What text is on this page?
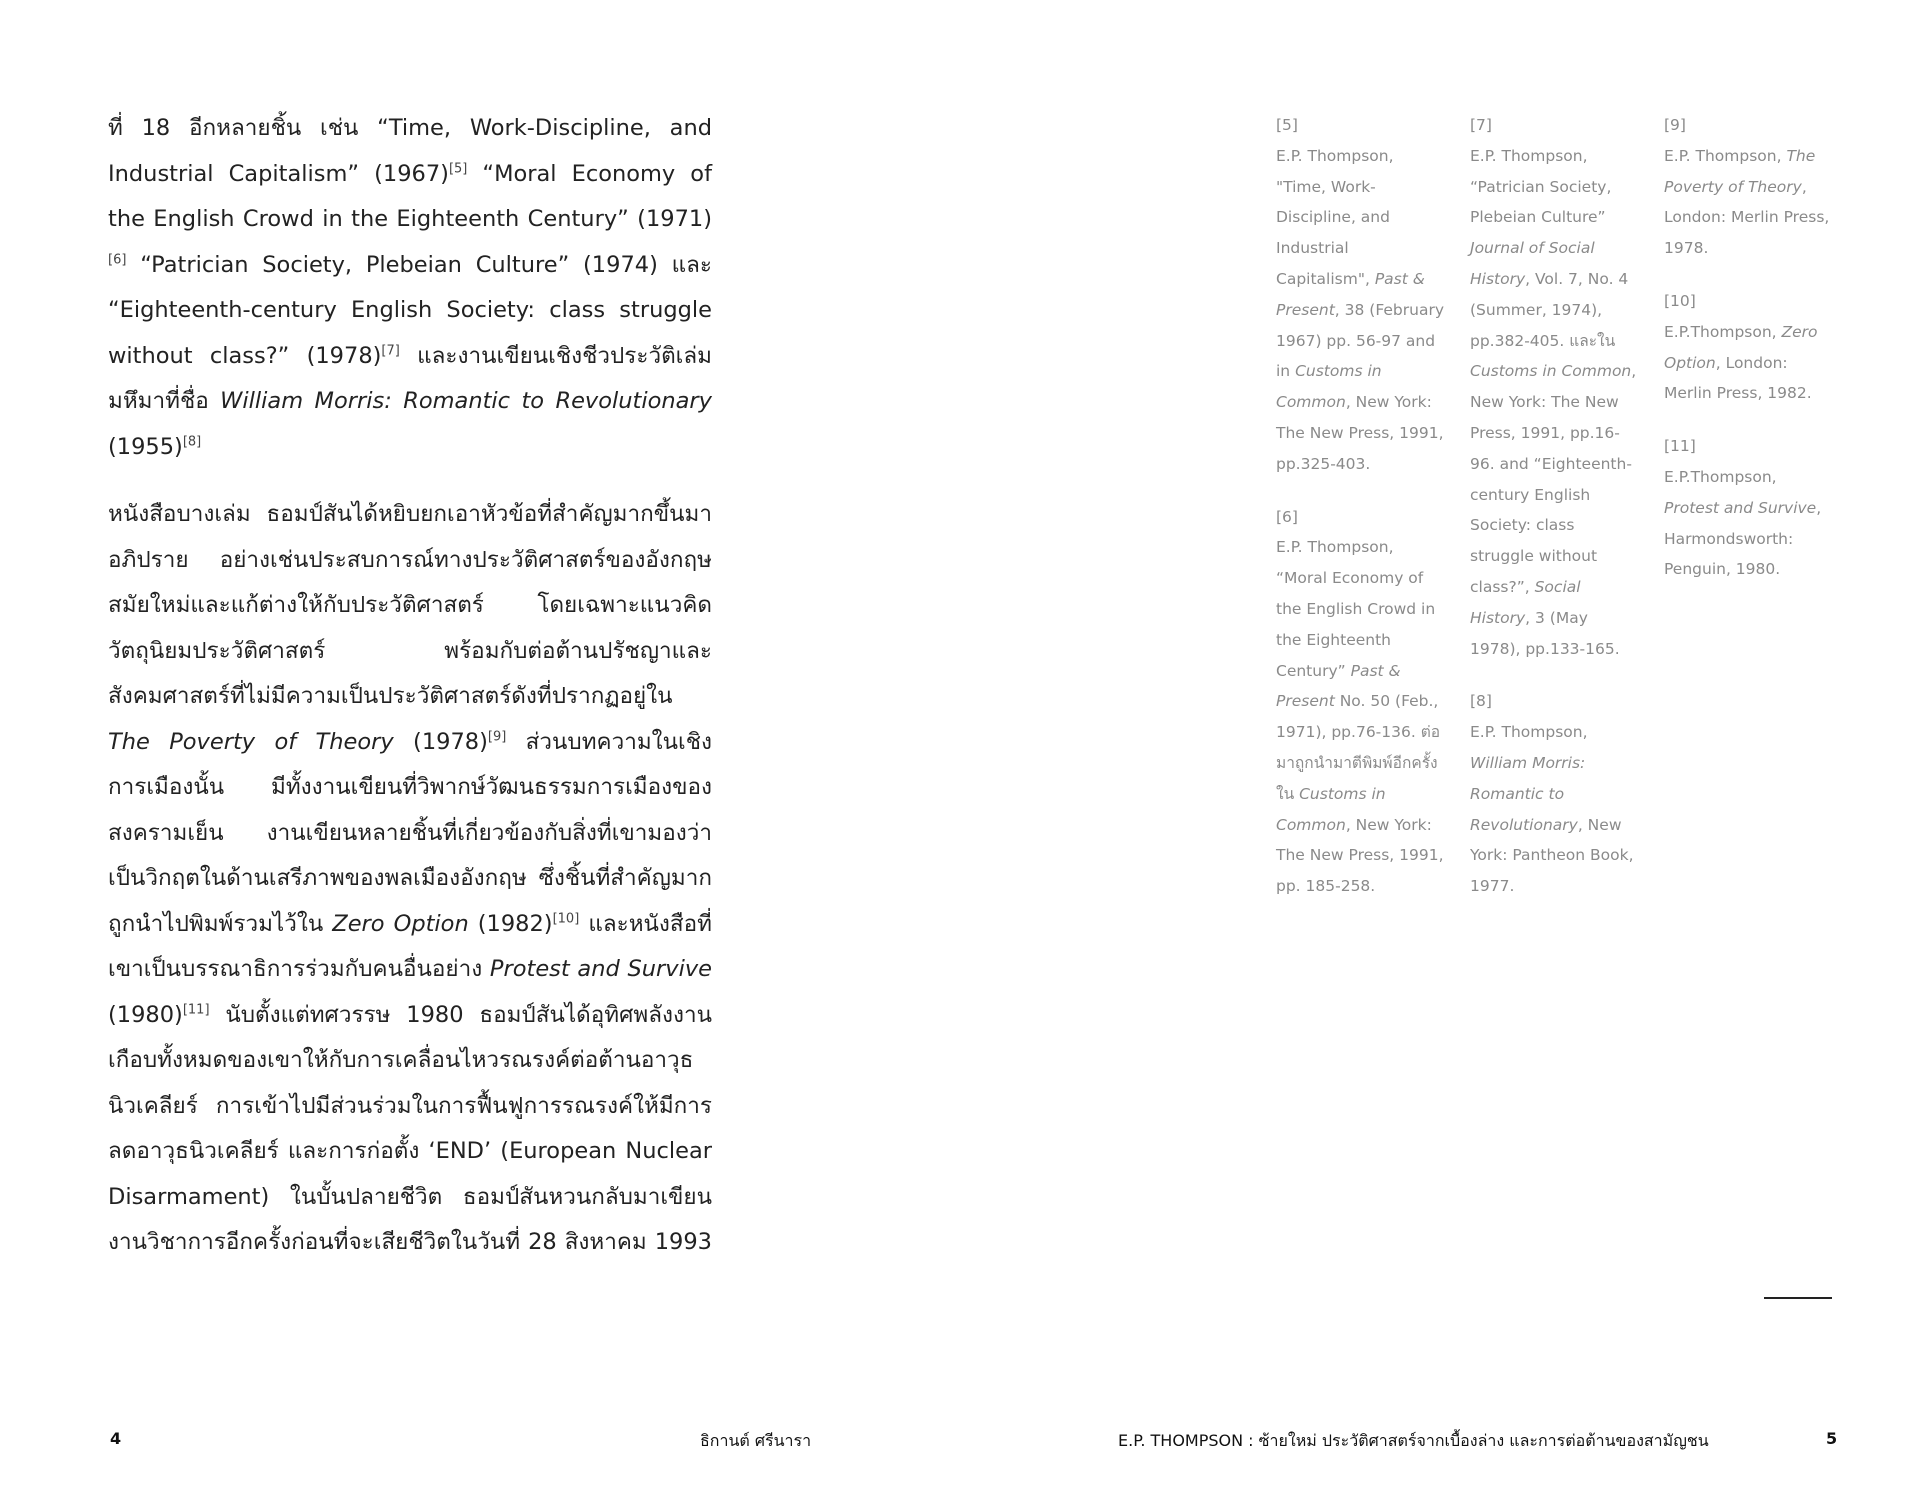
ที่ 18 อีกหลายชิ้น เช่น “Time, Work-Discipline, and Industrial Capitalism” (1967)[5] “Moral Economy of the English Crowd in the Eighteenth Century” (1971)[6] “Patrician Society, Plebeian Culture” (1974) และ “Eighteenth-century English Society: class struggle without class?” (1978)[7] และงานเขียนเชิงชีวประวัติเล่มมหึมาที่ชื่อ William Morris: Romantic to Revolutionary (1955)[8]

หนังสือบางเล่ม ธอมป์สันได้หยิบยกเอาหัวข้อที่สำคัญมากขึ้นมาอภิปราย อย่างเช่นประสบการณ์ทางประวัติศาสตร์ของอังกฤษสมัยใหม่และแก้ต่างให้กับประวัติศาสตร์ โดยเฉพาะแนวคิดวัตถุนิยมประวัติศาสตร์ พร้อมกับต่อต้านปรัชญาและสังคมศาสตร์ที่ไม่มีความเป็นประวัติศาสตร์ดังที่ปรากฏอยู่ใน The Poverty of Theory (1978)[9] ส่วนบทความในเชิงการเมืองนั้น มีทั้งงานเขียนที่วิพากษ์วัฒนธรรมการเมืองของสงครามเย็น งานเขียนหลายชิ้นที่เกี่ยวข้องกับสิ่งที่เขามองว่าเป็นวิกฤตในด้านเสรีภาพของพลเมืองอังกฤษ ซึ่งชิ้นที่สำคัญมากถูกนำไปพิมพ์รวมไว้ใน Zero Option (1982)[10] และหนังสือที่เขาเป็นบรรณาธิการร่วมกับคนอื่นอย่าง Protest and Survive (1980)[11] นับตั้งแต่ทศวรรษ 1980 ธอมป์สันได้อุทิศพลังงานเกือบทั้งหมดของเขาให้กับการเคลื่อนไหวรณรงค์ต่อต้านอาวุธนิวเคลียร์ การเข้าไปมีส่วนร่วมในการฟื้นฟูการรณรงค์ให้มีการลดอาวุธนิวเคลียร์ และการก่อตั้ง ‘END’ (European Nuclear Disarmament) ในบั้นปลายชีวิต ธอมป์สันหวนกลับมาเขียนงานวิชาการอีกครั้งก่อนที่จะเสียชีวิตในวันที่ 28 สิงหาคม 1993

4	ธิกานต์ ศรีนารา
[5]
E.P. Thompson, "Time, Work-Discipline, and Industrial Capitalism", Past & Present, 38 (February 1967) pp. 56-97 and in Customs in Common, New York: The New Press, 1991, pp.325-403.
[6]
E.P. Thompson, “Moral Economy of the English Crowd in the Eighteenth Century” Past & Present No. 50 (Feb., 1971), pp.76-136. ต่อมาถูกนำมาตีพิมพ์อีกครั้งใน Customs in Common, New York: The New Press, 1991, pp. 185-258.
[7]
E.P. Thompson, “Patrician Society, Plebeian Culture” Journal of Social History, Vol. 7, No. 4 (Summer, 1974), pp.382-405. และใน Customs in Common, New York: The New Press, 1991, pp.16-96. and “Eighteenth-century English Society: class struggle without class?”, Social History, 3 (May 1978), pp.133-165.
[8]
E.P. Thompson, William Morris: Romantic to Revolutionary, New York: Pantheon Book, 1977.
[9]
E.P. Thompson, The Poverty of Theory, London: Merlin Press, 1978.
[10]
E.P.Thompson, Zero Option, London: Merlin Press, 1982.
[11]
E.P.Thompson, Protest and Survive, Harmondsworth: Penguin, 1980.
E.P. THOMPSON : ซ้ายใหม่ ประวัติศาสตร์จากเบื้องล่าง และการต่อต้านของสามัญชน	5
